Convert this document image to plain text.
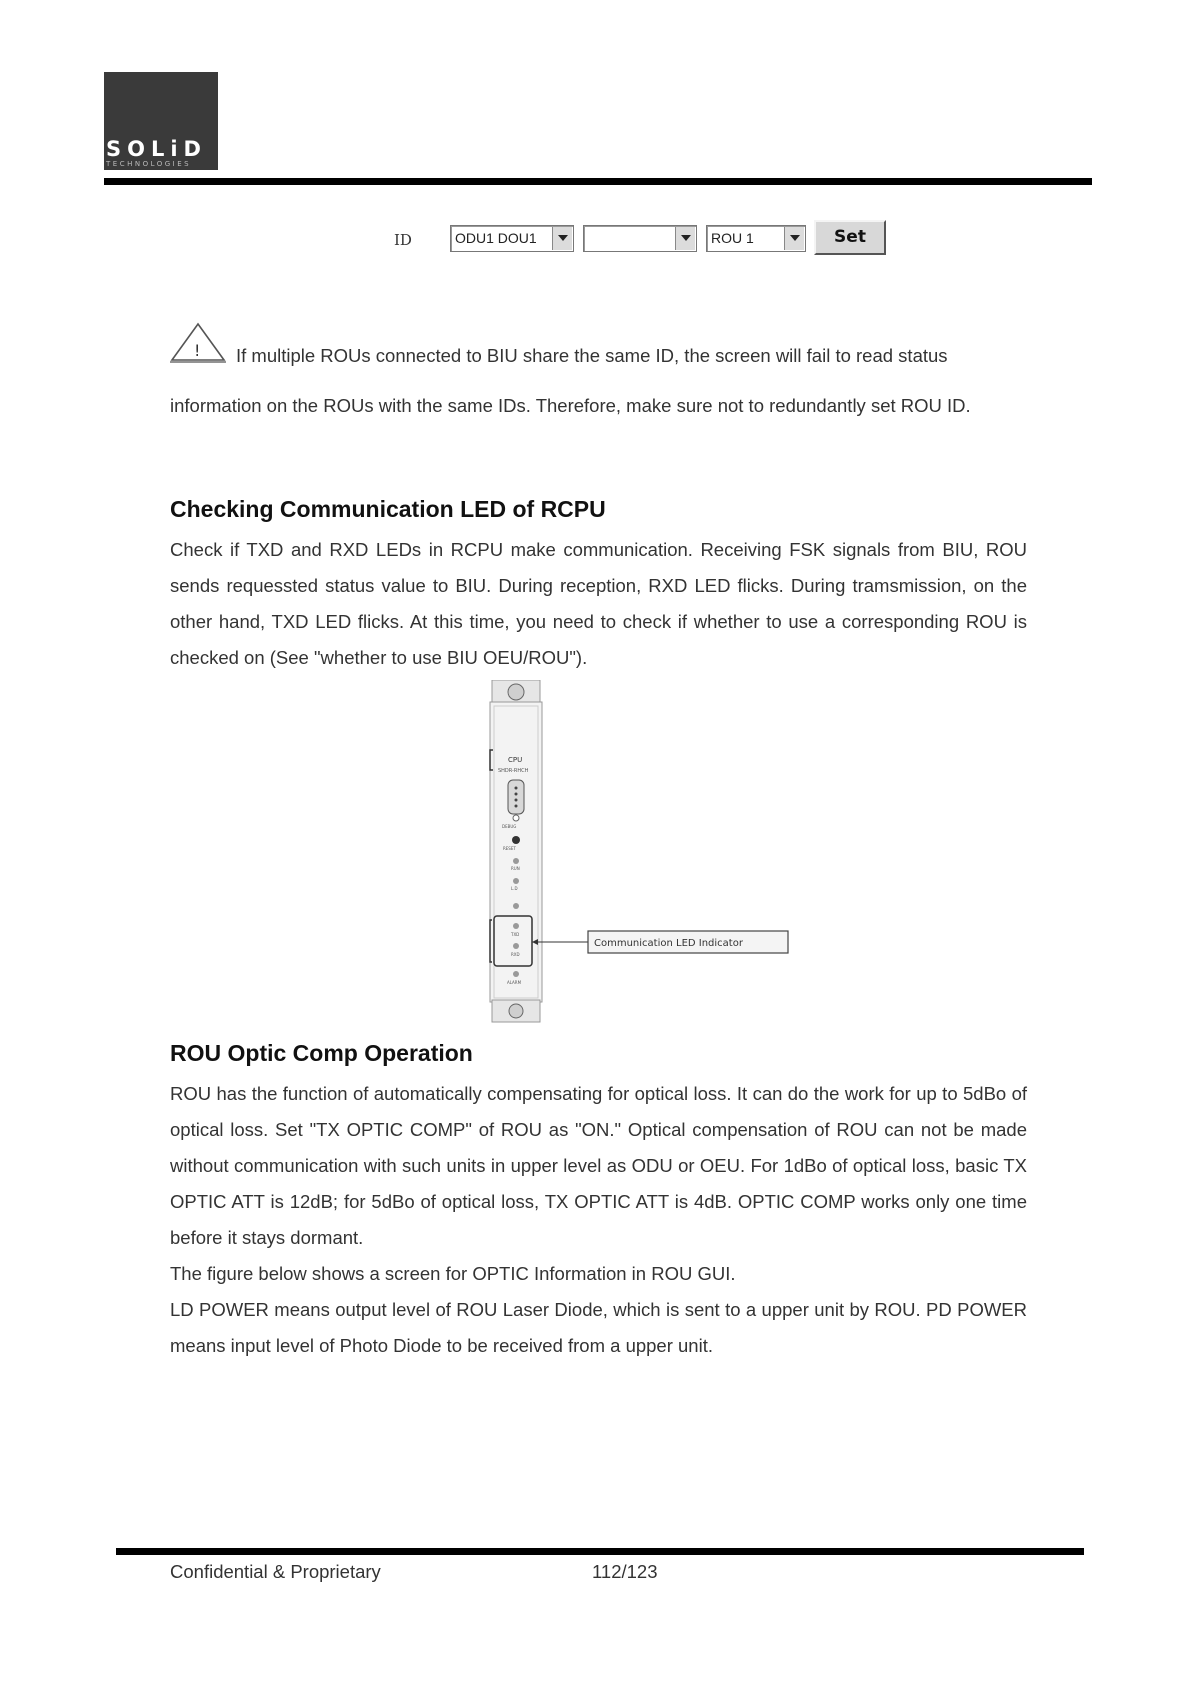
SOLiD
TECHNOLOGIES
ID	ODU1 DOU1	ROU 1	Set
! If multiple ROUs connected to BIU share the same ID, the screen will fail to read status
information on the ROUs with the same IDs. Therefore, make sure not to redundantly set ROU ID.
Checking Communication LED of RCPU
Check if TXD and RXD LEDs in RCPU make communication. Receiving FSK signals from BIU, ROU sends requessted status value to BIU. During reception, RXD LED flicks. During tramsmission, on the other hand, TXD LED flicks. At this time, you need to check if whether to use a corresponding ROU is checked on (See "whether to use BIU OEU/ROU").
CPU
SHDR-RHCH
DEBUG
RESET
RUN
L.D
TXD
RXD
ALARM
Communication LED Indicator
ROU Optic Comp Operation
ROU has the function of automatically compensating for optical loss. It can do the work for up to 5dBo of optical loss. Set "TX OPTIC COMP" of ROU as "ON." Optical compensation of ROU can not be made without communication with such units in upper level as ODU or OEU. For 1dBo of optical loss, basic TX OPTIC ATT is 12dB; for 5dBo of optical loss, TX OPTIC ATT is 4dB. OPTIC COMP works only one time before it stays dormant.
The figure below shows a screen for OPTIC Information in ROU GUI.
LD POWER means output level of ROU Laser Diode, which is sent to a upper unit by ROU. PD POWER means input level of Photo Diode to be received from a upper unit.
Confidential & Proprietary	112/123
